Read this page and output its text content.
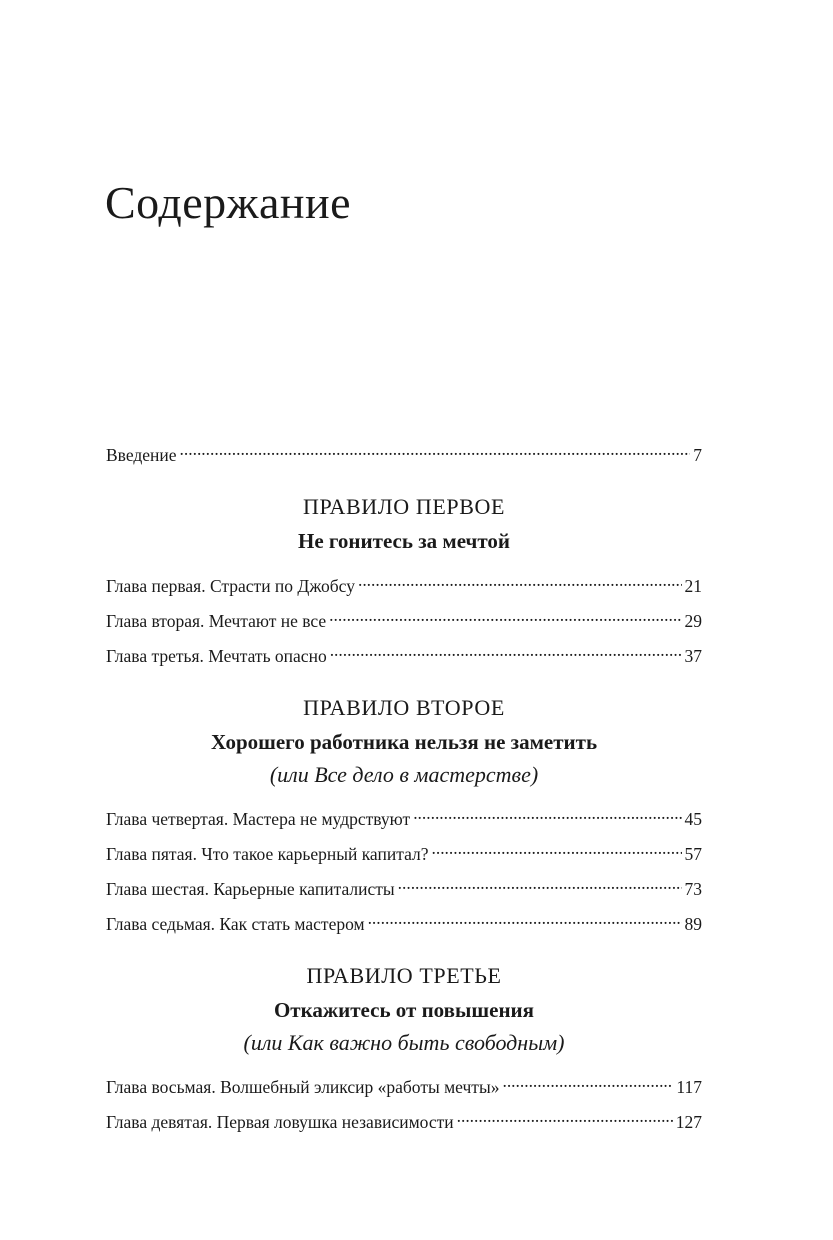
Содержание
Введение . . .	7
ПРАВИЛО ПЕРВОЕ
Не гонитесь за мечтой
Глава первая. Страсти по Джобсу . . .	21
Глава вторая. Мечтают не все . . .	29
Глава третья. Мечтать опасно . . .	37
ПРАВИЛО ВТОРОЕ
Хорошего работника нельзя не заметить
(или Все дело в мастерстве)
Глава четвертая. Мастера не мудрствуют . . .	45
Глава пятая. Что такое карьерный капитал? . . .	57
Глава шестая. Карьерные капиталисты . . .	73
Глава седьмая. Как стать мастером . . .	89
ПРАВИЛО ТРЕТЬЕ
Откажитесь от повышения
(или Как важно быть свободным)
Глава восьмая. Волшебный эликсир «работы мечты» . . .	117
Глава девятая. Первая ловушка независимости . . .	127
